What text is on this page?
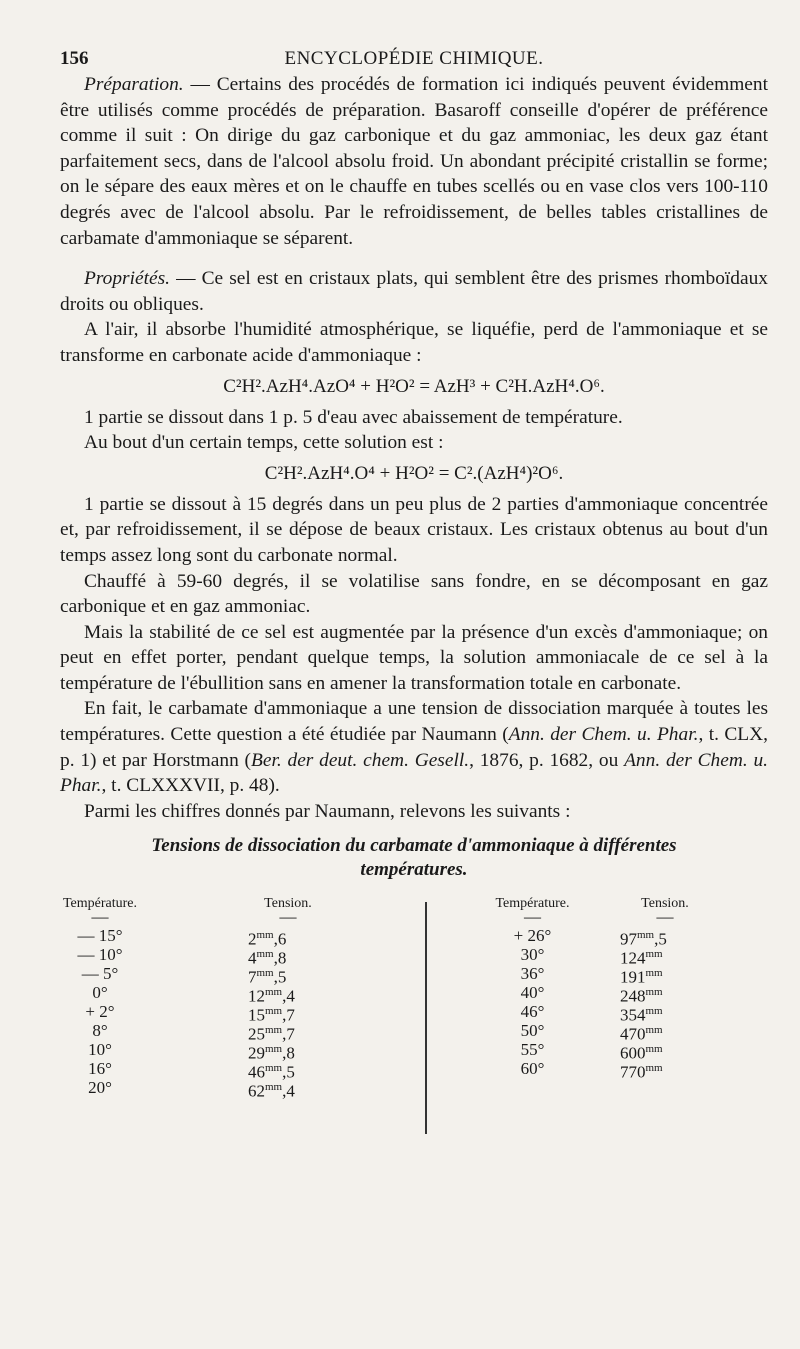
156	ENCYCLOPÉDIE CHIMIQUE.

Préparation. — Certains des procédés de formation ici indiqués peuvent évidemment être utilisés comme procédés de préparation. Basaroff conseille d'opérer de préférence comme il suit : On dirige du gaz carbonique et du gaz ammoniac, les deux gaz étant parfaitement secs, dans de l'alcool absolu froid. Un abondant précipité cristallin se forme; on le sépare des eaux mères et on le chauffe en tubes scellés ou en vase clos vers 100-110 degrés avec de l'alcool absolu. Par le refroidissement, de belles tables cristallines de carbamate d'ammoniaque se séparent.

Propriétés. — Ce sel est en cristaux plats, qui semblent être des prismes rhomboïdaux droits ou obliques.

A l'air, il absorbe l'humidité atmosphérique, se liquéfie, perd de l'ammoniaque et se transforme en carbonate acide d'ammoniaque :

C²H².AzH⁴.AzO⁴ + H²O² = AzH³ + C²H.AzH⁴.O⁶.

1 partie se dissout dans 1 p. 5 d'eau avec abaissement de température.

Au bout d'un certain temps, cette solution est :

C²H².AzH⁴.O⁴ + H²O² = C².(AzH⁴)²O⁶.

1 partie se dissout à 15 degrés dans un peu plus de 2 parties d'ammoniaque concentrée et, par refroidissement, il se dépose de beaux cristaux. Les cristaux obtenus au bout d'un temps assez long sont du carbonate normal.

Chauffé à 59-60 degrés, il se volatilise sans fondre, en se décomposant en gaz carbonique et en gaz ammoniac.

Mais la stabilité de ce sel est augmentée par la présence d'un excès d'ammoniaque; on peut en effet porter, pendant quelque temps, la solution ammoniacale de ce sel à la température de l'ébullition sans en amener la transformation totale en carbonate.

En fait, le carbamate d'ammoniaque a une tension de dissociation marquée à toutes les températures. Cette question a été étudiée par Naumann (Ann. der Chem. u. Phar., t. CLX, p. 1) et par Horstmann (Ber. der deut. chem. Gesell., 1876, p. 1682, ou Ann. der Chem. u. Phar., t. CLXXXVII, p. 48).

Parmi les chiffres donnés par Naumann, relevons les suivants :

Tensions de dissociation du carbamate d'ammoniaque à différentes
températures.
Température.
—
— 15°
— 10°
— 5°
0°
+ 2°
8°
10°
16°
20°
Tension.
—
$2^{mm},6$
$4^{mm},8$
$7^{mm},5$
$12^{mm},4$
$15^{mm},7$
$25^{mm},7$
$29^{mm},8$
$46^{mm},5$
$62^{mm},4$
Température.
—
+ 26°
30°
36°
40°
46°
50°
55°
60°
Tension.
—
$97^{mm},5$
$124^{mm}$
$191^{mm}$
$248^{mm}$
$354^{mm}$
$470^{mm}$
$600^{mm}$
$770^{mm}$
